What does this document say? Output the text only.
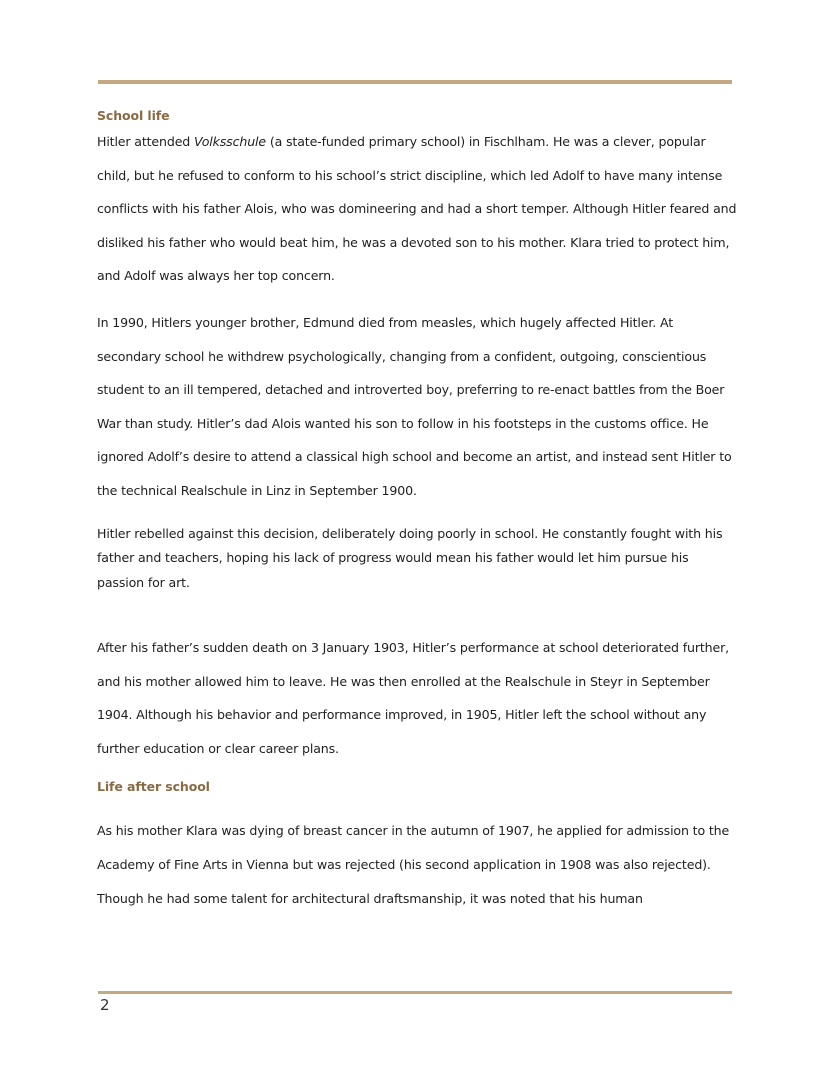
School life

Hitler attended Volksschule (a state-funded primary school) in Fischlham. He was a clever, popular child, but he refused to conform to his school’s strict discipline, which led Adolf to have many intense conflicts with his father Alois, who was domineering and had a short temper. Although Hitler feared and disliked his father who would beat him, he was a devoted son to his mother. Klara tried to protect him, and Adolf was always her top concern.

In 1990, Hitlers younger brother, Edmund died from measles, which hugely affected Hitler. At secondary school he withdrew psychologically, changing from a confident, outgoing, conscientious student to an ill tempered, detached and introverted boy, preferring to re-enact battles from the Boer War than study. Hitler’s dad Alois wanted his son to follow in his footsteps in the customs office. He ignored Adolf’s desire to attend a classical high school and become an artist, and instead sent Hitler to the technical Realschule in Linz in September 1900.

Hitler rebelled against this decision, deliberately doing poorly in school. He constantly fought with his father and teachers, hoping his lack of progress would mean his father would let him pursue his passion for art.

After his father’s sudden death on 3 January 1903, Hitler’s performance at school deteriorated further, and his mother allowed him to leave. He was then enrolled at the Realschule in Steyr in September 1904. Although his behavior and performance improved, in 1905, Hitler left the school without any further education or clear career plans.

Life after school

As his mother Klara was dying of breast cancer in the autumn of 1907, he applied for admission to the Academy of Fine Arts in Vienna but was rejected (his second application in 1908 was also rejected). Though he had some talent for architectural draftsmanship, it was noted that his human

2
